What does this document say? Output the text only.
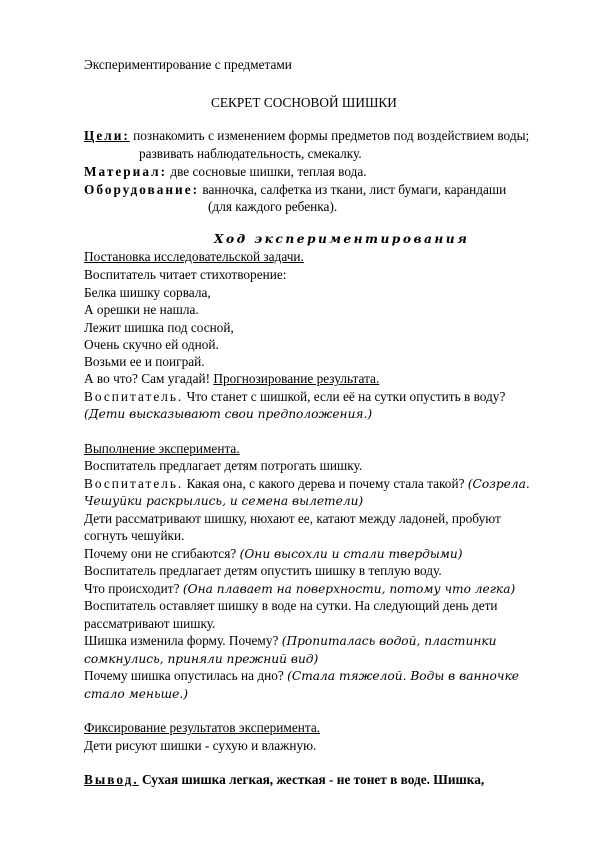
Экспериментирование с предметами
СЕКРЕТ СОСНОВОЙ ШИШКИ
Цели: познакомить с изменением формы предметов под воздействием воды;
развивать наблюдательность, смекалку.
Материал: две сосновые шишки, теплая вода.
Оборудование: ванночка, салфетка из ткани, лист бумаги, карандаши
(для каждого ребенка).
Ход экспериментирования
Постановка исследовательской задачи.
Воспитатель читает стихотворение:
Белка шишку сорвала,
А орешки не нашла.
Лежит шишка под сосной,
Очень скучно ей одной.
Возьми ее и поиграй.
А во что? Сам угадай! Прогнозирование результата.
Воспитатель. Что станет с шишкой, если её на сутки опустить в воду?
(Дети высказывают свои предположения.)
Выполнение эксперимента.
Воспитатель предлагает детям потрогать шишку.
Воспитатель. Какая она, с какого дерева и почему стала такой? (Созрела.
Чешуйки раскрылись, и семена вылетели)
Дети рассматривают шишку, нюхают ее, катают между ладоней, пробуют
согнуть чешуйки.
Почему они не сгибаются? (Они высохли и стали твердыми)
Воспитатель предлагает детям опустить шишку в теплую воду.
Что происходит? (Она плавает на поверхности, потому что легка)
Воспитатель оставляет шишку в воде на сутки. На следующий день дети
рассматривают шишку.
Шишка изменила форму. Почему? (Пропиталась водой, пластинки
сомкнулись, приняли прежний вид)
Почему шишка опустилась на дно? (Стала тяжелой. Воды в ванночке
стало меньше.)
Фиксирование результатов эксперимента.
Дети рисуют шишки - сухую и влажную.
Вывод. Сухая шишка легкая, жесткая - не тонет в воде. Шишка,
